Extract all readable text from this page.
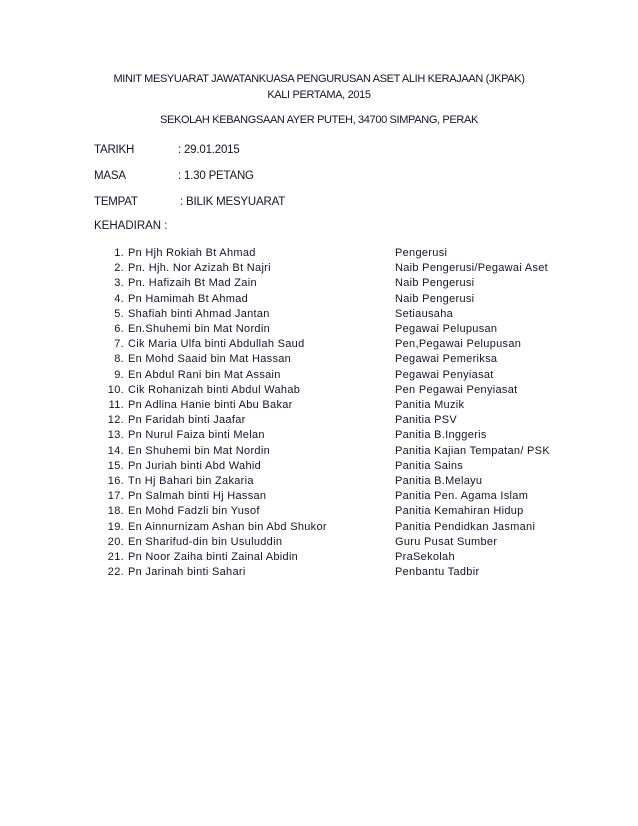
MINIT MESYUARAT JAWATANKUASA PENGURUSAN ASET ALIH KERAJAAN (JKPAK)
KALI PERTAMA, 2015
SEKOLAH KEBANGSAAN AYER PUTEH, 34700 SIMPANG, PERAK
TARIKH	: 29.01.2015
MASA	: 1.30 PETANG
TEMPAT	: BILIK MESYUARAT
KEHADIRAN :
1. Pn Hjh Rokiah Bt Ahmad	Pengerusi
2. Pn. Hjh. Nor Azizah Bt Najri	Naib Pengerusi/Pegawai Aset
3. Pn. Hafizaih Bt Mad Zain	Naib Pengerusi
4. Pn Hamimah Bt Ahmad	Naib Pengerusi
5. Shafiah binti Ahmad Jantan	Setiausaha
6. En.Shuhemi bin Mat Nordin	Pegawai Pelupusan
7. Cik Maria Ulfa binti Abdullah Saud	Pen,Pegawai Pelupusan
8. En Mohd Saaid bin Mat Hassan	Pegawai Pemeriksa
9. En Abdul Rani bin Mat Assain	Pegawai Penyiasat
10. Cik Rohanizah binti Abdul Wahab	Pen Pegawai Penyiasat
11. Pn Adlina Hanie binti Abu Bakar	Panitia Muzik
12. Pn Faridah binti Jaafar	Panitia PSV
13. Pn Nurul Faiza binti Melan	Panitia B.Inggeris
14. En Shuhemi bin Mat Nordin	Panitia Kajian Tempatan/ PSK
15. Pn Juriah binti Abd Wahid	Panitia Sains
16. Tn Hj Bahari bin Zakaria	Panitia B.Melayu
17. Pn Salmah binti Hj Hassan	Panitia Pen. Agama Islam
18. En Mohd Fadzli bin Yusof	Panitia Kemahiran Hidup
19. En Ainnurnizam Ashan bin Abd Shukor	Panitia Pendidkan Jasmani
20. En Sharifud-din bin Usuluddin	Guru Pusat Sumber
21. Pn Noor Zaiha binti Zainal Abidin	PraSekolah
22. Pn Jarinah binti Sahari	Penbantu Tadbir
